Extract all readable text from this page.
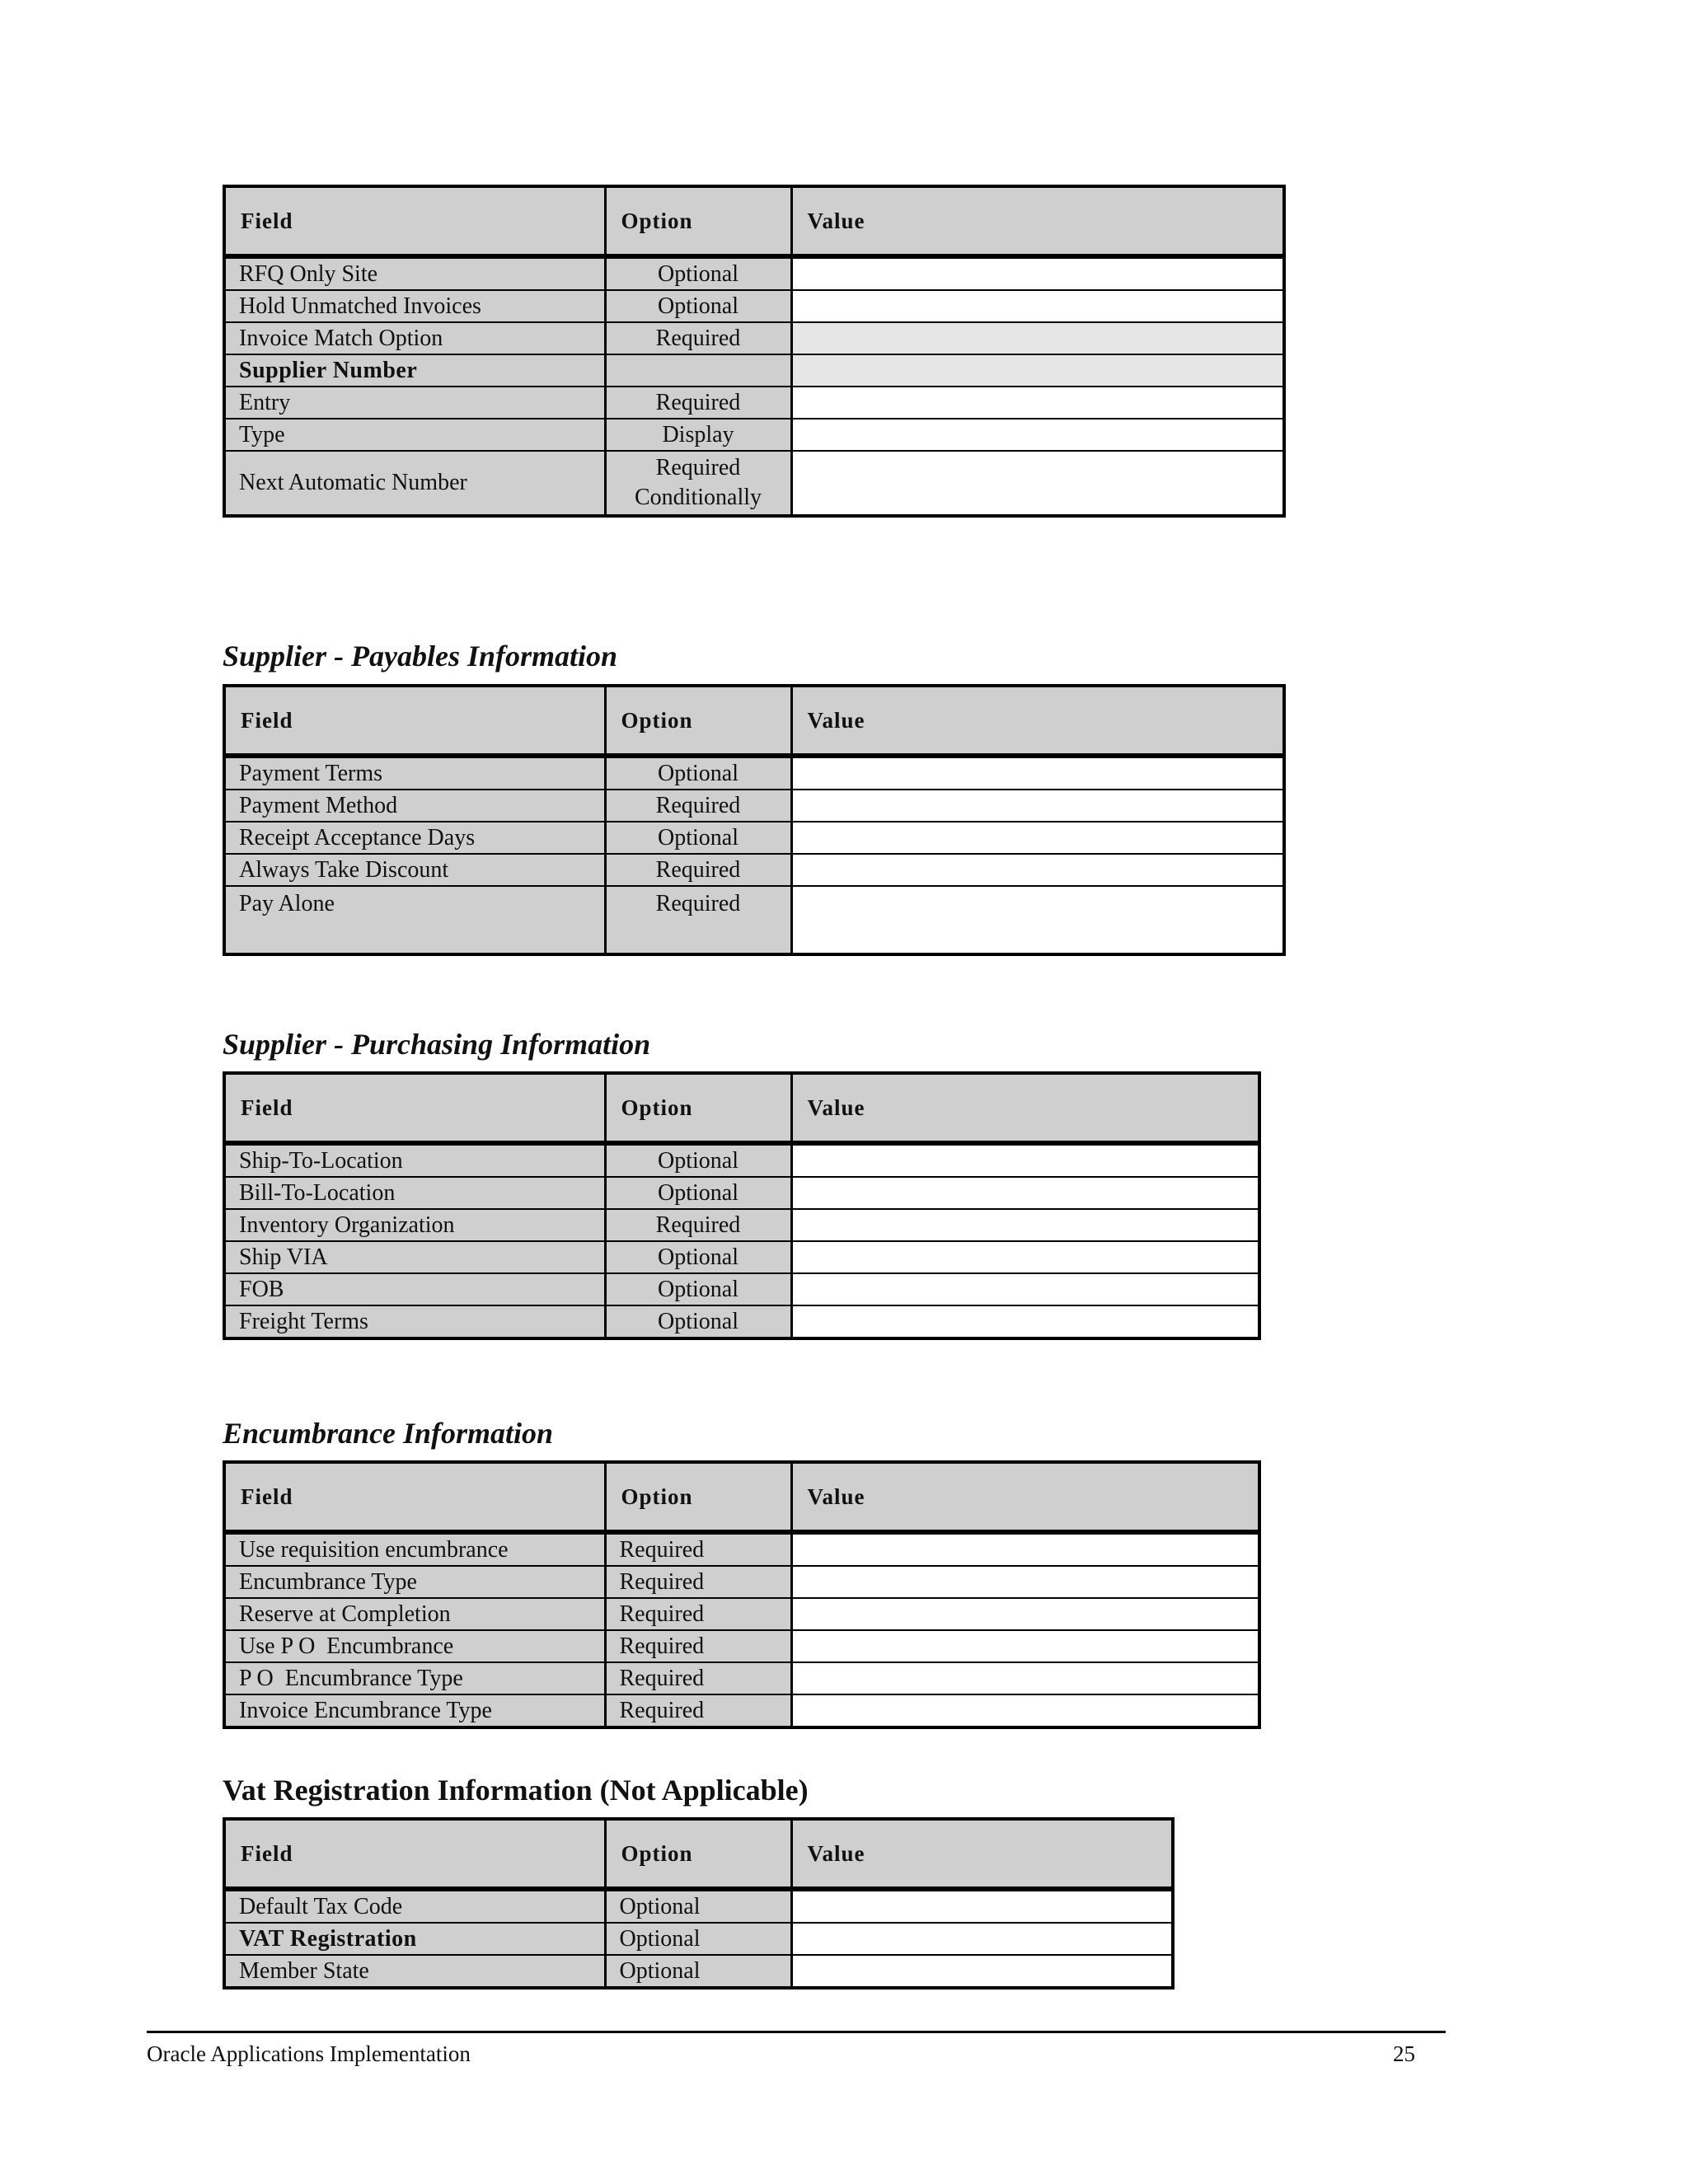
Field	Option	Value
RFQ Only Site	Optional	
Hold Unmatched Invoices	Optional	
Invoice Match Option	Required	
Supplier Number		
Entry	Required	
Type	Display	
Next Automatic Number	Required Conditionally	
Supplier - Payables Information
Field	Option	Value
Payment Terms	Optional	
Payment Method	Required	
Receipt Acceptance Days	Optional	
Always Take Discount	Required	
Pay Alone	Required	
Supplier - Purchasing Information
Field	Option	Value
Ship-To-Location	Optional	
Bill-To-Location	Optional	
Inventory Organization	Required	
Ship VIA	Optional	
FOB	Optional	
Freight Terms	Optional	
Encumbrance Information
Field	Option	Value
Use requisition encumbrance	Required	
Encumbrance Type	Required	
Reserve at Completion	Required	
Use P O  Encumbrance	Required	
P O  Encumbrance Type	Required	
Invoice Encumbrance Type	Required	
Vat Registration Information (Not Applicable)
Field	Option	Value
Default Tax Code	Optional	
VAT Registration	Optional	
Member State	Optional	
Oracle Applications Implementation	25
